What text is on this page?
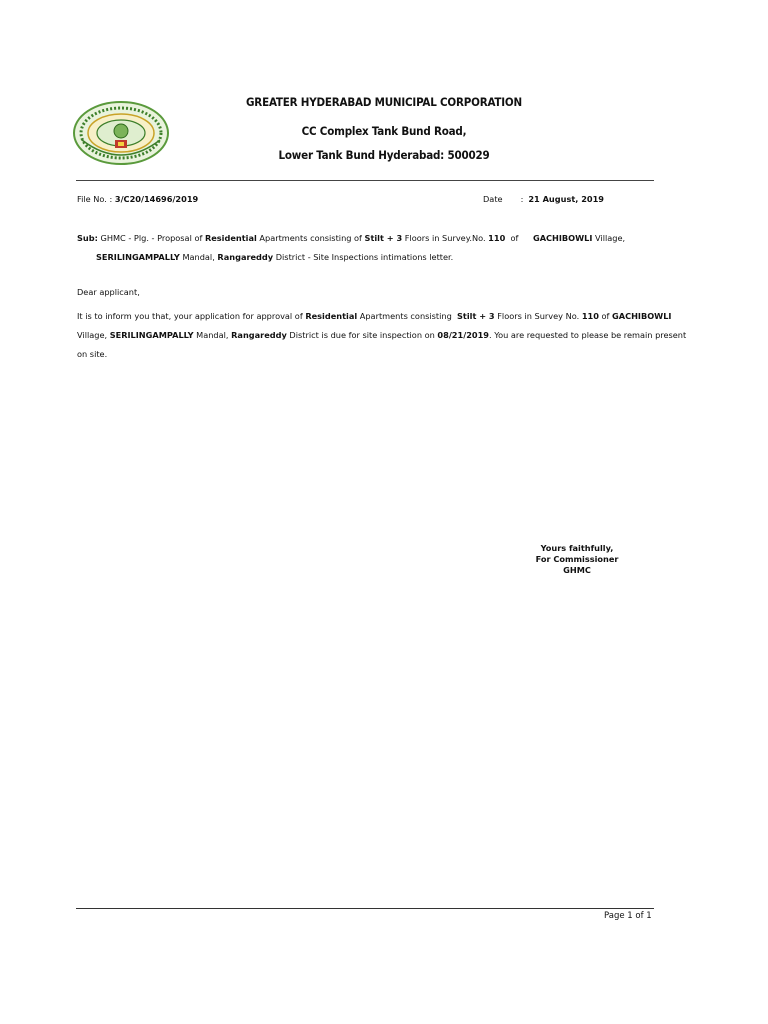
GREATER HYDERABAD MUNICIPAL CORPORATION
CC Complex Tank Bund Road,
Lower Tank Bund Hyderabad: 500029
File No. : 3/C20/14696/2019	Date : 21 August, 2019
Sub: GHMC - Plg. - Proposal of Residential Apartments consisting of Stilt + 3 Floors in Survey.No. 110  of GACHIBOWLI Village,
SERILINGAMPALLY Mandal, Rangareddy District - Site Inspections intimations letter.
Dear applicant,
It is to inform you that, your application for approval of Residential Apartments consisting  Stilt + 3 Floors in Survey No. 110 of GACHIBOWLI
Village, SERILINGAMPALLY Mandal, Rangareddy District is due for site inspection on 08/21/2019. You are requested to please be remain present
on site.
Yours faithfully,
For Commissioner
GHMC
Page 1 of 1
